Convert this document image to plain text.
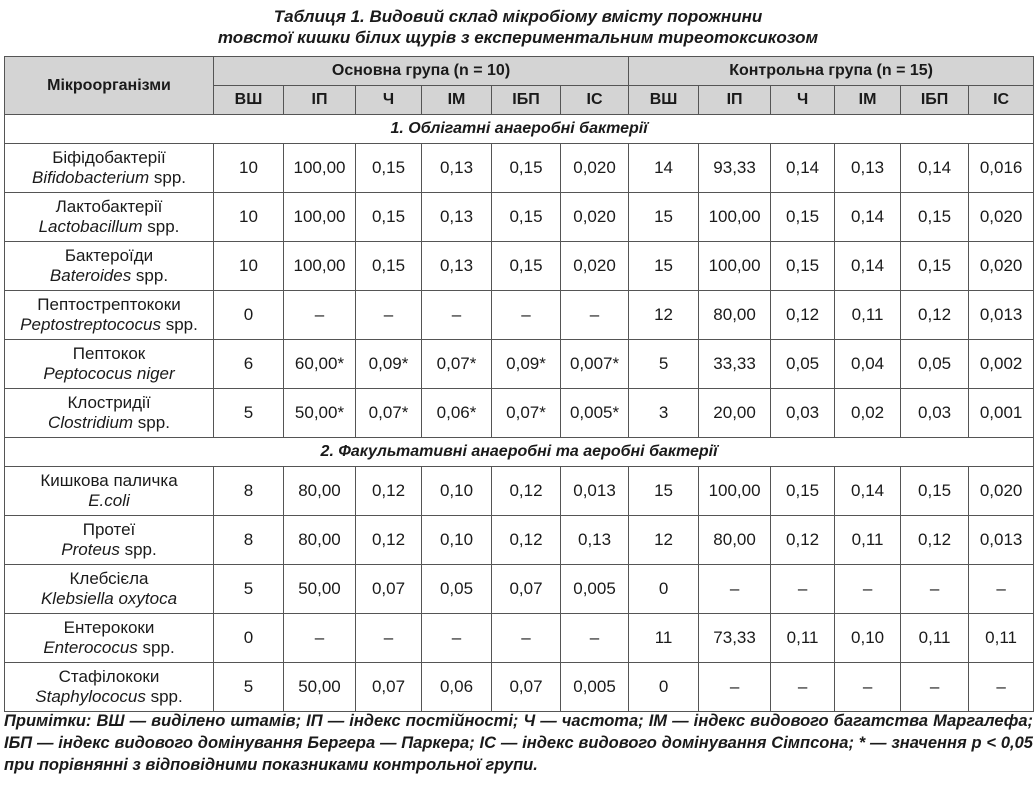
Таблиця 1. Видовий склад мікробіому вмісту порожнини
товстої кишки білих щурів з експериментальним тиреотоксикозом
Мікроорганізми	Основна група (n = 10)						Контрольна група (n = 15)					
	ВШ	ІП	Ч	ІМ	ІБП	ІС	ВШ	ІП	Ч	ІМ	ІБП	ІС
1. Облігатні анаеробні бактерії												

Біфідобактерії
Bifidobacterium spp.	10	100,00	0,15	0,13	0,15	0,020	14	93,33	0,14	0,13	0,14	0,016

Лактобактерії
Lactobacillum spp.	10	100,00	0,15	0,13	0,15	0,020	15	100,00	0,15	0,14	0,15	0,020

Бактероїди
Bateroides spp.	10	100,00	0,15	0,13	0,15	0,020	15	100,00	0,15	0,14	0,15	0,020

Пептострептококи
Peptostreptococus spp.	0	–	–	–	–	–	12	80,00	0,12	0,11	0,12	0,013

Пептокок
Peptococus niger	6	60,00*	0,09*	0,07*	0,09*	0,007*	5	33,33	0,05	0,04	0,05	0,002

Клостридії
Clostridium spp.	5	50,00*	0,07*	0,06*	0,07*	0,005*	3	20,00	0,03	0,02	0,03	0,001
2. Факультативні анаеробні та аеробні бактерії												

Кишкова паличка
E.coli	8	80,00	0,12	0,10	0,12	0,013	15	100,00	0,15	0,14	0,15	0,020

Протеї
Proteus spp.	8	80,00	0,12	0,10	0,12	0,13	12	80,00	0,12	0,11	0,12	0,013

Клебсієла
Klebsiella oxytoca	5	50,00	0,07	0,05	0,07	0,005	0	–	–	–	–	–

Ентерококи
Enterococus spp.	0	–	–	–	–	–	11	73,33	0,11	0,10	0,11	0,11

Стафілококи
Staphylococus spp.	5	50,00	0,07	0,06	0,07	0,005	0	–	–	–	–	–
Примітки: ВШ — виділено штамів; ІП — індекс постійності; Ч — частота; ІМ — індекс видового багатства Маргалефа; ІБП — індекс видового домінування Бергера — Паркера; ІС — індекс видового домінування Сімпсона; * — значення р < 0,05 при порівнянні з відповідними показниками контрольної групи.
